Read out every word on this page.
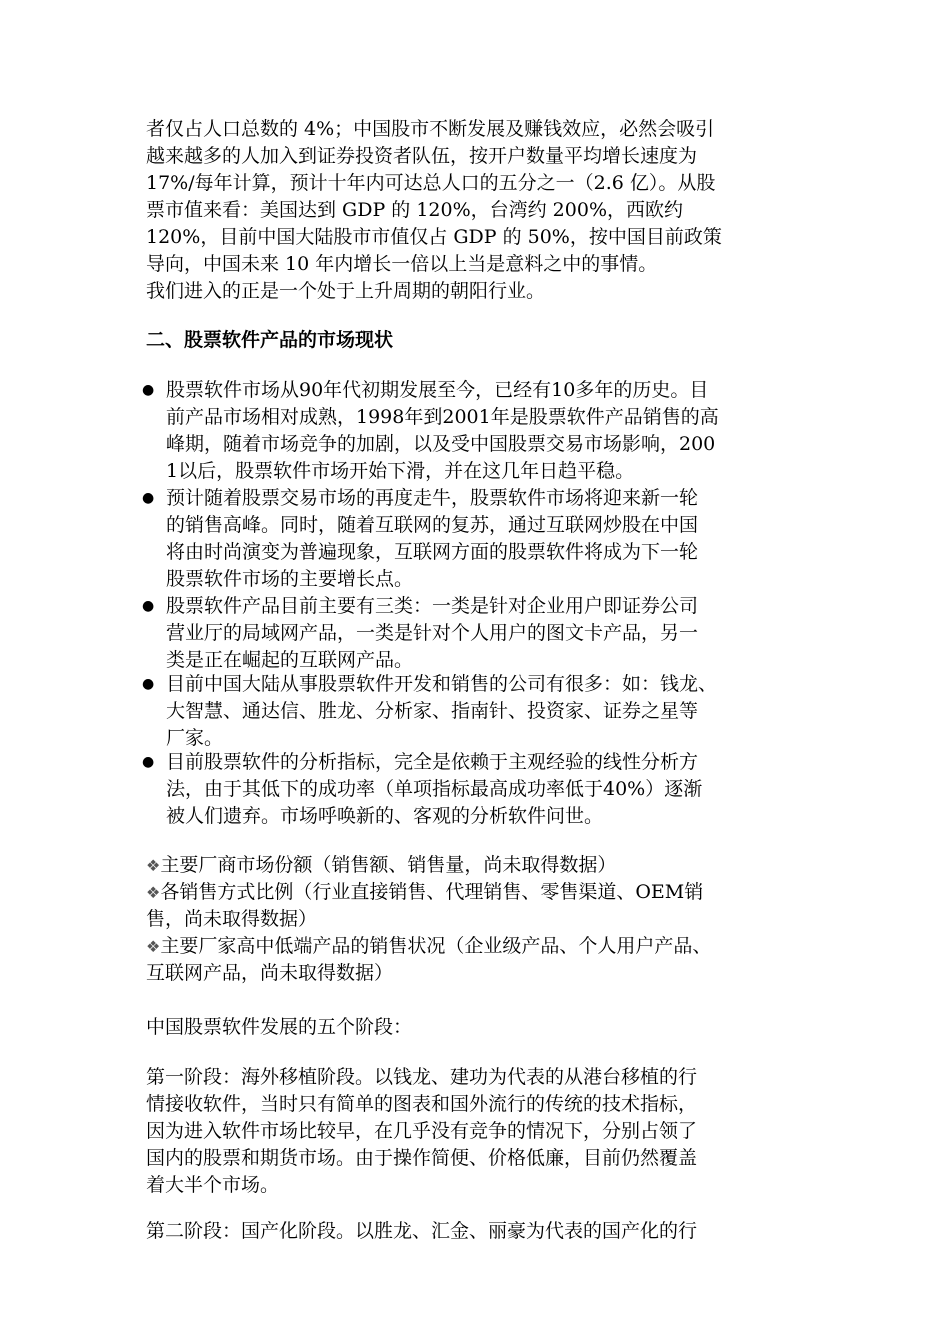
者仅占人口总数的 4%；中国股市不断发展及赚钱效应，必然会吸引
越来越多的人加入到证券投资者队伍，按开户数量平均增长速度为
17%/每年计算，预计十年内可达总人口的五分之一（2.6 亿）。从股
票市值来看：美国达到 GDP 的 120%，台湾约 200%，西欧约
120%，目前中国大陆股市市值仅占 GDP 的 50%，按中国目前政策
导向，中国未来 10 年内增长一倍以上当是意料之中的事情。
我们进入的正是一个处于上升周期的朝阳行业。
二、股票软件产品的市场现状
● 股票软件市场从90年代初期发展至今，已经有10多年的历史。目
前产品市场相对成熟，1998年到2001年是股票软件产品销售的高
峰期，随着市场竞争的加剧，以及受中国股票交易市场影响，200
1以后，股票软件市场开始下滑，并在这几年日趋平稳。
● 预计随着股票交易市场的再度走牛，股票软件市场将迎来新一轮
的销售高峰。同时，随着互联网的复苏，通过互联网炒股在中国
将由时尚演变为普遍现象，互联网方面的股票软件将成为下一轮
股票软件市场的主要增长点。
● 股票软件产品目前主要有三类：一类是针对企业用户即证券公司
营业厅的局域网产品，一类是针对个人用户的图文卡产品，另一
类是正在崛起的互联网产品。
● 目前中国大陆从事股票软件开发和销售的公司有很多：如：钱龙、
大智慧、通达信、胜龙、分析家、指南针、投资家、证券之星等
厂家。
● 目前股票软件的分析指标，完全是依赖于主观经验的线性分析方
法，由于其低下的成功率（单项指标最高成功率低于40%）逐渐
被人们遗弃。市场呼唤新的、客观的分析软件问世。
❖主要厂商市场份额（销售额、销售量，尚未取得数据）
❖各销售方式比例（行业直接销售、代理销售、零售渠道、OEM销
售，尚未取得数据）
❖主要厂家高中低端产品的销售状况（企业级产品、个人用户产品、
互联网产品，尚未取得数据）
中国股票软件发展的五个阶段：
第一阶段：海外移植阶段。以钱龙、建功为代表的从港台移植的行
情接收软件，当时只有简单的图表和国外流行的传统的技术指标，
因为进入软件市场比较早，在几乎没有竞争的情况下，分别占领了
国内的股票和期货市场。由于操作简便、价格低廉，目前仍然覆盖
着大半个市场。
第二阶段：国产化阶段。以胜龙、汇金、丽豪为代表的国产化的行
